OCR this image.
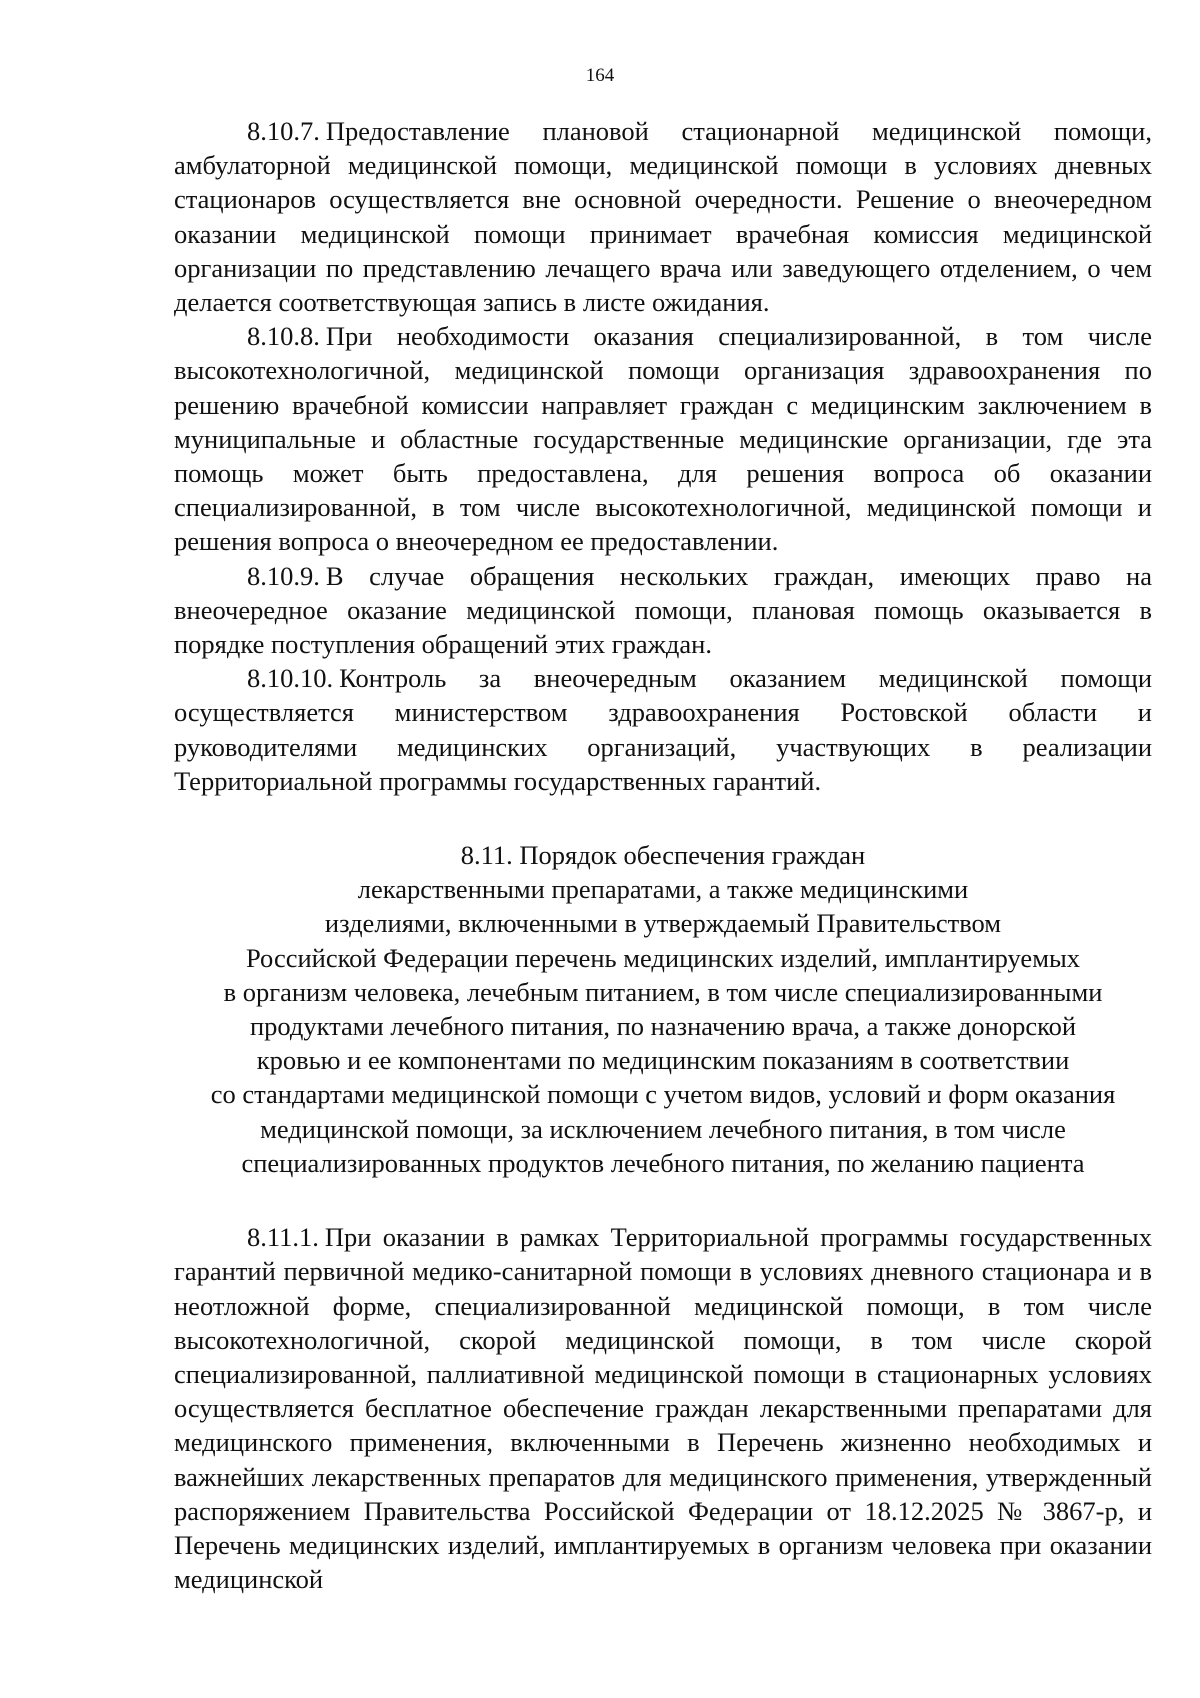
164

8.10.7. Предоставление плановой стационарной медицинской помощи, амбулаторной медицинской помощи, медицинской помощи в условиях дневных стационаров осуществляется вне основной очередности. Решение о внеочередном оказании медицинской помощи принимает врачебная комиссия медицинской организации по представлению лечащего врача или заведующего отделением, о чем делается соответствующая запись в листе ожидания.

8.10.8. При необходимости оказания специализированной, в том числе высокотехнологичной, медицинской помощи организация здравоохранения по решению врачебной комиссии направляет граждан с медицинским заключением в муниципальные и областные государственные медицинские организации, где эта помощь может быть предоставлена, для решения вопроса об оказании специализированной, в том числе высокотехнологичной, медицинской помощи и решения вопроса о внеочередном ее предоставлении.

8.10.9. В случае обращения нескольких граждан, имеющих право на внеочередное оказание медицинской помощи, плановая помощь оказывается в порядке поступления обращений этих граждан.

8.10.10. Контроль за внеочередным оказанием медицинской помощи осуществляется министерством здравоохранения Ростовской области и руководителями медицинских организаций, участвующих в реализации Территориальной программы государственных гарантий.

8.11. Порядок обеспечения граждан
лекарственными препаратами, а также медицинскими
изделиями, включенными в утверждаемый Правительством
Российской Федерации перечень медицинских изделий, имплантируемых
в организм человека, лечебным питанием, в том числе специализированными
продуктами лечебного питания, по назначению врача, а также донорской
кровью и ее компонентами по медицинским показаниям в соответствии
со стандартами медицинской помощи с учетом видов, условий и форм оказания
медицинской помощи, за исключением лечебного питания, в том числе
специализированных продуктов лечебного питания, по желанию пациента

8.11.1. При оказании в рамках Территориальной программы государственных гарантий первичной медико-санитарной помощи в условиях дневного стационара и в неотложной форме, специализированной медицинской помощи, в том числе высокотехнологичной, скорой медицинской помощи, в том числе скорой специализированной, паллиативной медицинской помощи в стационарных условиях осуществляется бесплатное обеспечение граждан лекарственными препаратами для медицинского применения, включенными в Перечень жизненно необходимых и важнейших лекарственных препаратов для медицинского применения, утвержденный распоряжением Правительства Российской Федерации от 18.12.2025 № 3867-р, и Перечень медицинских изделий, имплантируемых в организм человека при оказании медицинской
